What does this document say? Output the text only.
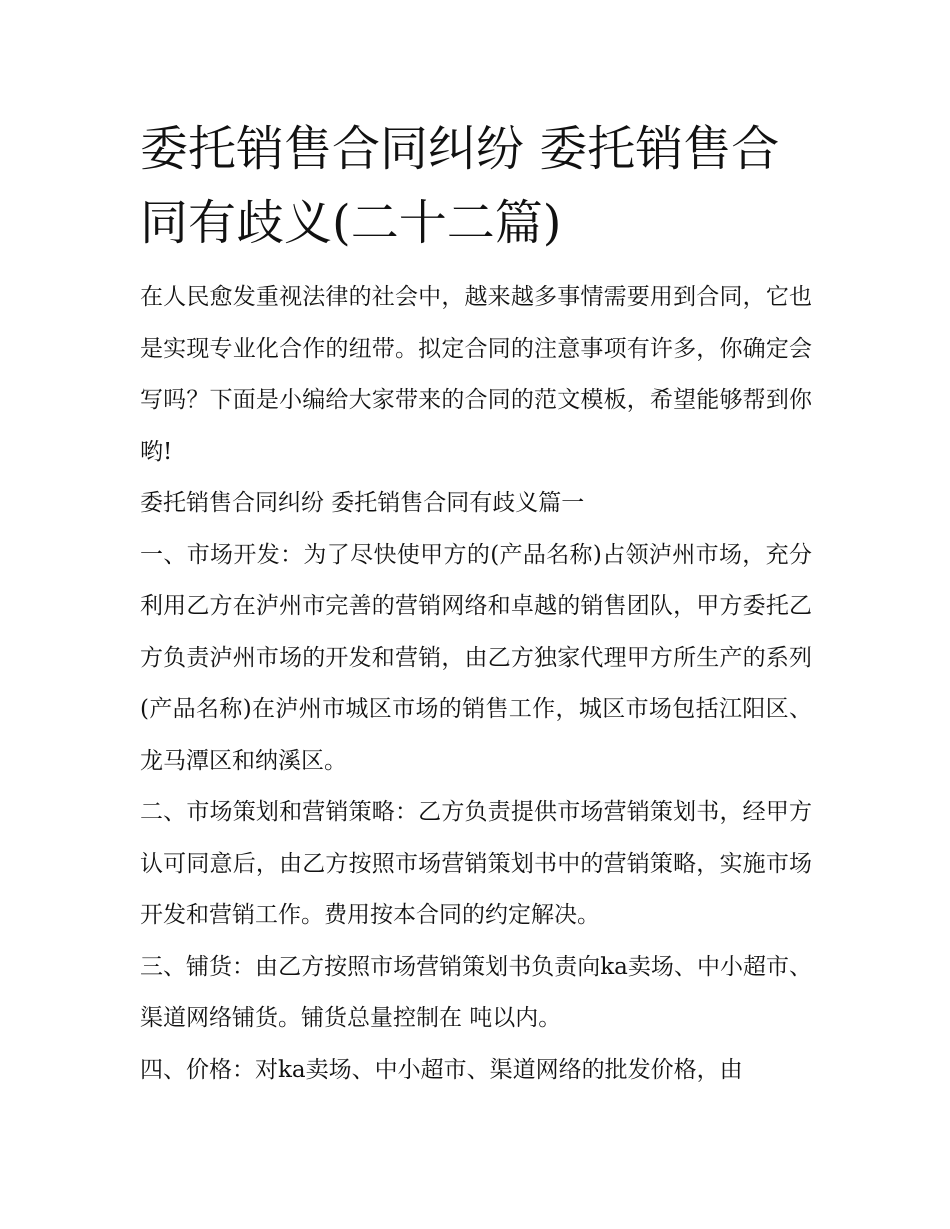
委托销售合同纠纷 委托销售合同有歧义(二十二篇)

在人民愈发重视法律的社会中，越来越多事情需要用到合同，它也是实现专业化合作的纽带。拟定合同的注意事项有许多，你确定会写吗？下面是小编给大家带来的合同的范文模板，希望能够帮到你哟!

委托销售合同纠纷 委托销售合同有歧义篇一

一、市场开发：为了尽快使甲方的(产品名称)占领泸州市场，充分利用乙方在泸州市完善的营销网络和卓越的销售团队，甲方委托乙方负责泸州市场的开发和营销，由乙方独家代理甲方所生产的系列(产品名称)在泸州市城区市场的销售工作，城区市场包括江阳区、龙马潭区和纳溪区。

二、市场策划和营销策略：乙方负责提供市场营销策划书，经甲方认可同意后，由乙方按照市场营销策划书中的营销策略，实施市场开发和营销工作。费用按本合同的约定解决。

三、铺货：由乙方按照市场营销策划书负责向ka卖场、中小超市、渠道网络铺货。铺货总量控制在 吨以内。

四、价格：对ka卖场、中小超市、渠道网络的批发价格，由
